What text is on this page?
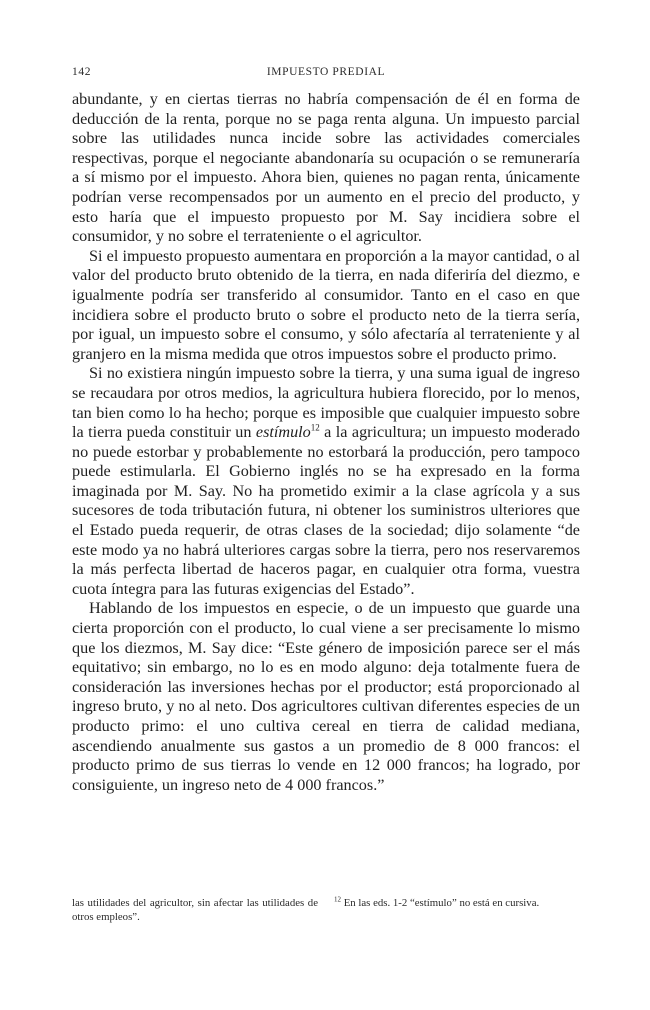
142	IMPUESTO PREDIAL

abundante, y en ciertas tierras no habría compensación de él en forma de deducción de la renta, porque no se paga renta alguna. Un impuesto parcial sobre las utilidades nunca incide sobre las actividades comerciales respectivas, porque el negociante abandonaría su ocupación o se remuneraría a sí mismo por el impuesto. Ahora bien, quienes no pagan renta, únicamente podrían verse recompensados por un aumento en el precio del producto, y esto haría que el impuesto propuesto por M. Say incidiera sobre el consumidor, y no sobre el terrateniente o el agricultor.

Si el impuesto propuesto aumentara en proporción a la mayor cantidad, o al valor del producto bruto obtenido de la tierra, en nada diferiría del diezmo, e igualmente podría ser transferido al consumidor. Tanto en el caso en que incidiera sobre el producto bruto o sobre el producto neto de la tierra sería, por igual, un impuesto sobre el consumo, y sólo afectaría al terrateniente y al granjero en la misma medida que otros impuestos sobre el producto primo.

Si no existiera ningún impuesto sobre la tierra, y una suma igual de ingreso se recaudara por otros medios, la agricultura hubiera florecido, por lo menos, tan bien como lo ha hecho; porque es imposible que cualquier impuesto sobre la tierra pueda constituir un estímulo$^{12}$ a la agricultura; un impuesto moderado no puede estorbar y probablemente no estorbará la producción, pero tampoco puede estimularla. El Gobierno inglés no se ha expresado en la forma imaginada por M. Say. No ha prometido eximir a la clase agrícola y a sus sucesores de toda tributación futura, ni obtener los suministros ulteriores que el Estado pueda requerir, de otras clases de la sociedad; dijo solamente “de este modo ya no habrá ulteriores cargas sobre la tierra, pero nos reservaremos la más perfecta libertad de haceros pagar, en cualquier otra forma, vuestra cuota íntegra para las futuras exigencias del Estado”.

Hablando de los impuestos en especie, o de un impuesto que guarde una cierta proporción con el producto, lo cual viene a ser precisamente lo mismo que los diezmos, M. Say dice: “Este género de imposición parece ser el más equitativo; sin embargo, no lo es en modo alguno: deja totalmente fuera de consideración las inversiones hechas por el productor; está proporcionado al ingreso bruto, y no al neto. Dos agricultores cultivan diferentes especies de un producto primo: el uno cultiva cereal en tierra de calidad mediana, ascendiendo anualmente sus gastos a un promedio de 8 000 francos: el producto primo de sus tierras lo vende en 12 000 francos; ha logrado, por consiguiente, un ingreso neto de 4 000 francos.”

las utilidades del agricultor, sin afectar las utilidades de otros empleos”.
$^{12}$ En las eds. 1-2 “estímulo” no está en cursiva.
